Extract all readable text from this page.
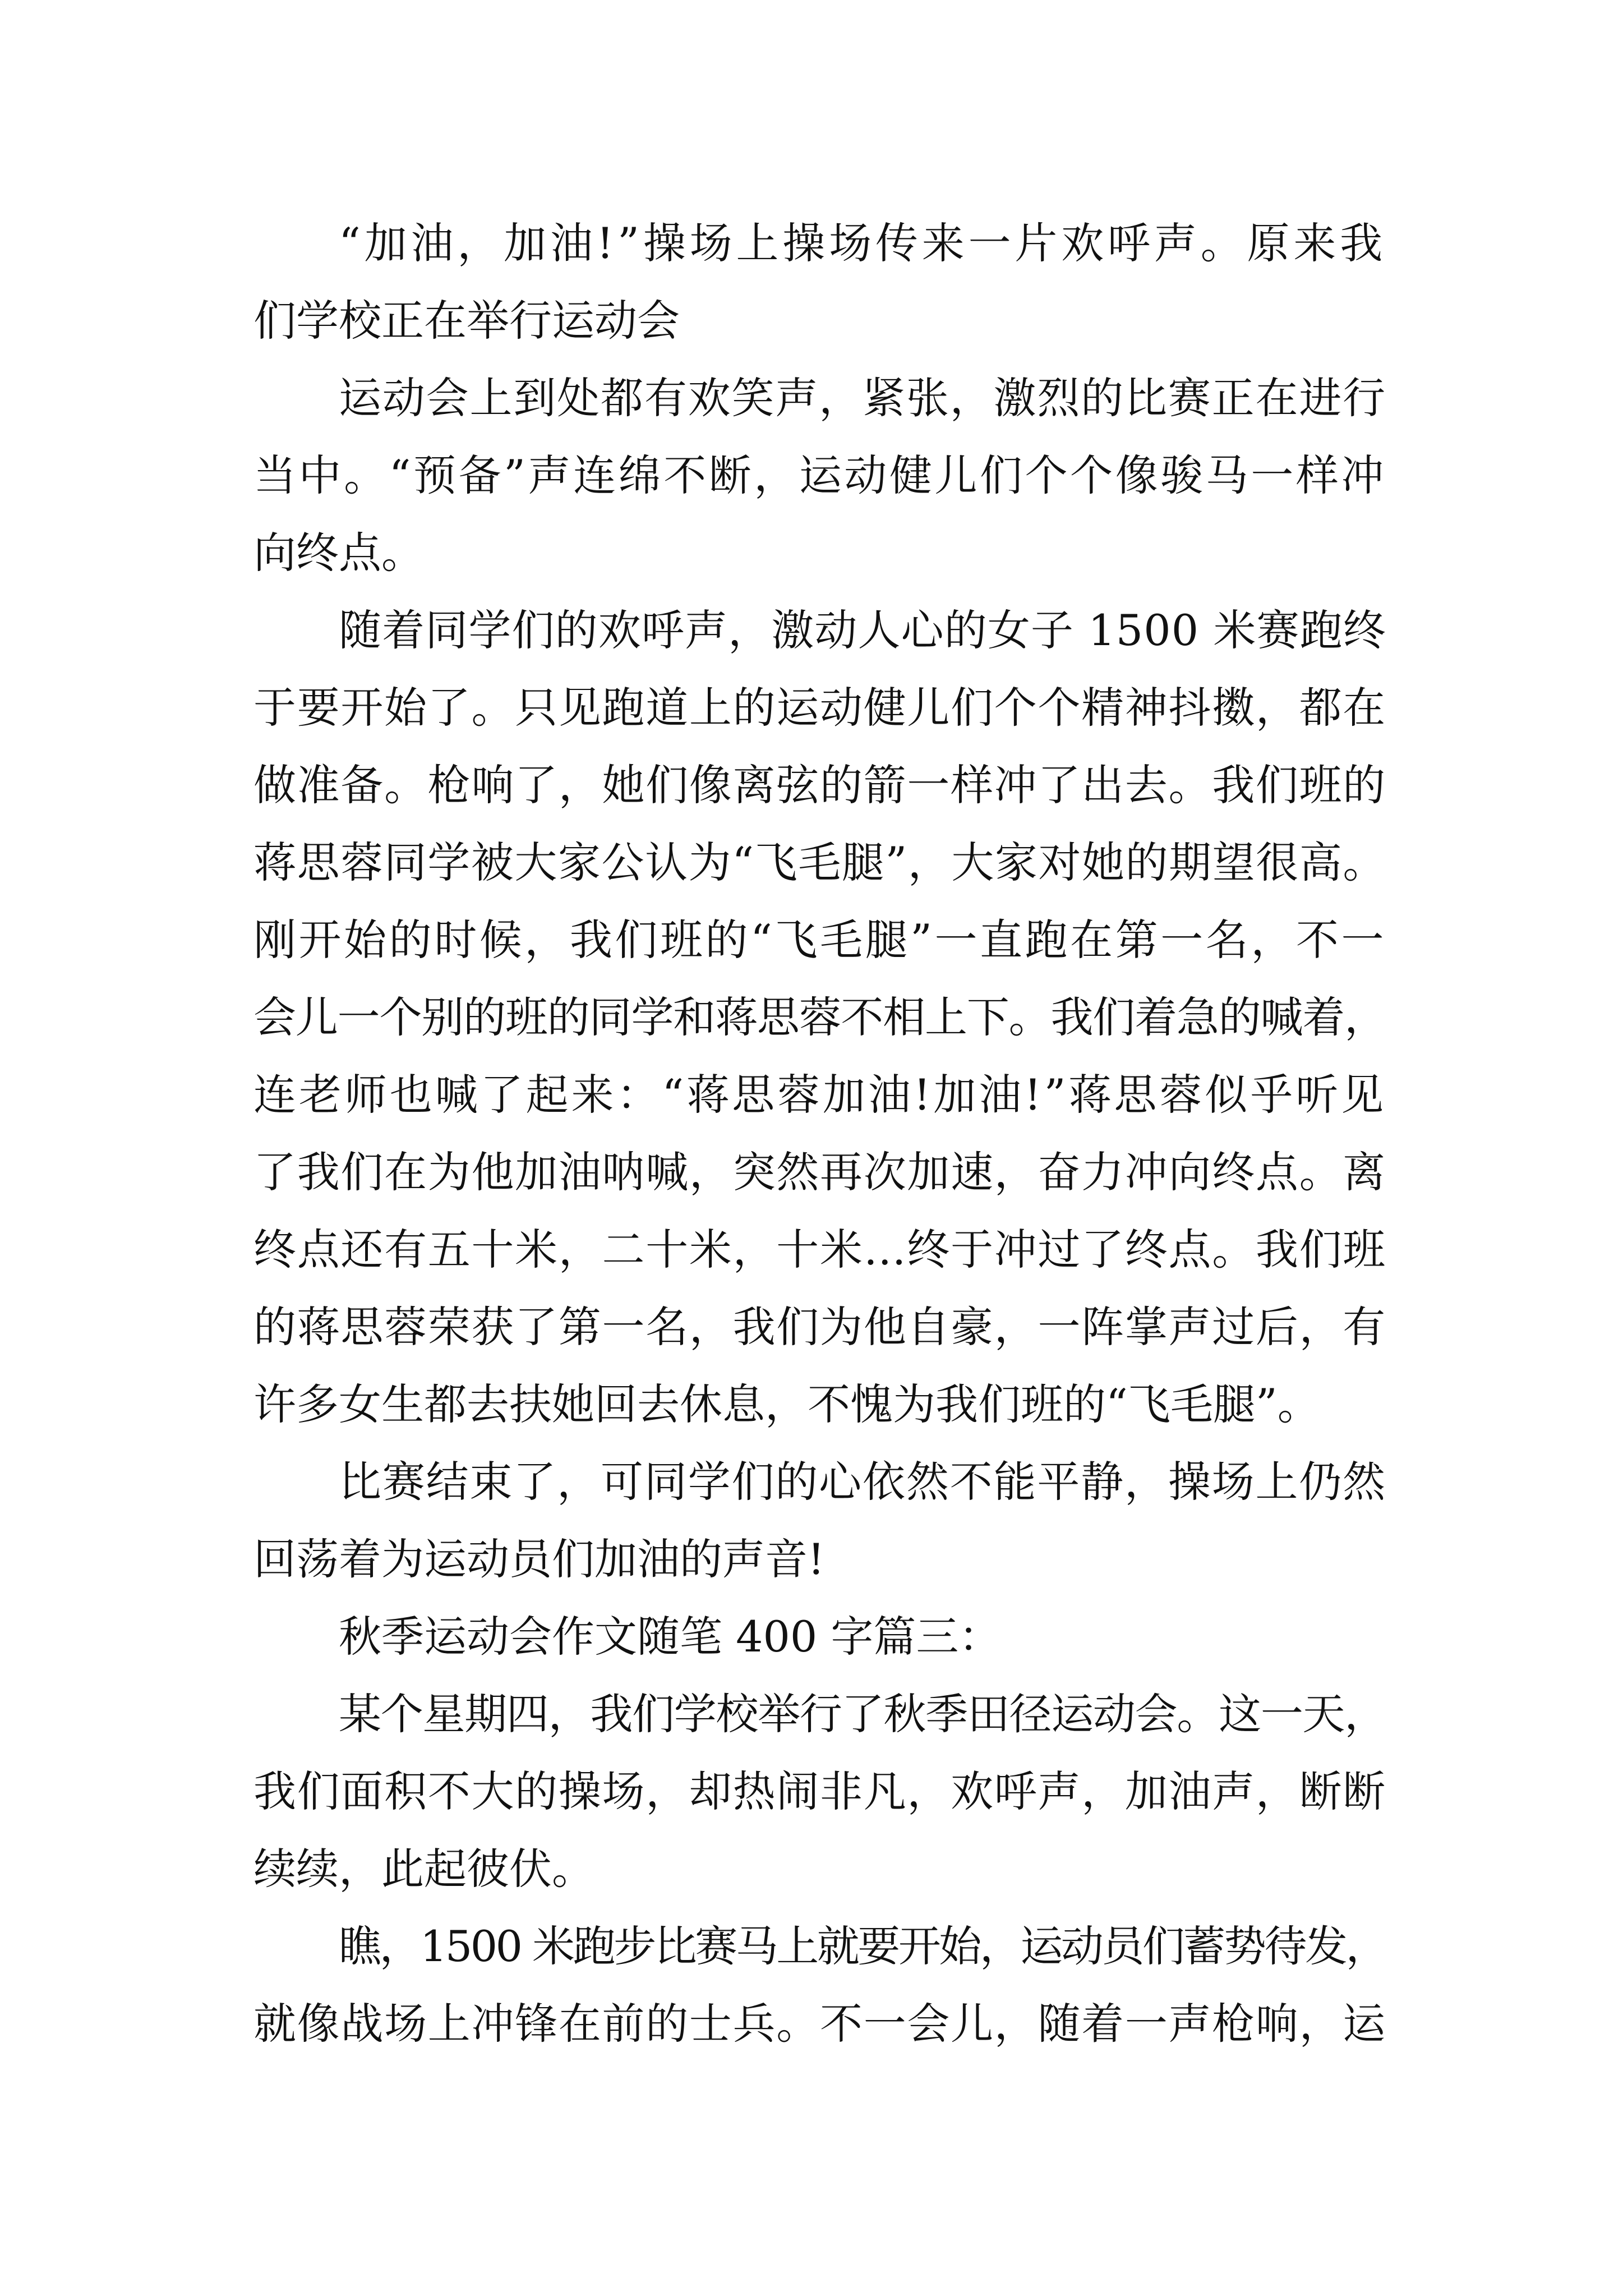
“加油，加油!”操场上操场传来一片欢呼声。原来我
们学校正在举行运动会
运动会上到处都有欢笑声，紧张，激烈的比赛正在进行
当中。“预备”声连绵不断，运动健儿们个个像骏马一样冲
向终点。
随着同学们的欢呼声，激动人心的女子 1500 米赛跑终
于要开始了。只见跑道上的运动健儿们个个精神抖擞，都在
做准备。枪响了，她们像离弦的箭一样冲了出去。我们班的
蒋思蓉同学被大家公认为“飞毛腿”，大家对她的期望很高。
刚开始的时候，我们班的“飞毛腿”一直跑在第一名，不一
会儿一个别的班的同学和蒋思蓉不相上下。我们着急的喊着，
连老师也喊了起来：“蒋思蓉加油!加油!”蒋思蓉似乎听见
了我们在为他加油呐喊，突然再次加速，奋力冲向终点。离
终点还有五十米，二十米，十米…终于冲过了终点。我们班
的蒋思蓉荣获了第一名，我们为他自豪，一阵掌声过后，有
许多女生都去扶她回去休息，不愧为我们班的“飞毛腿”。
比赛结束了，可同学们的心依然不能平静，操场上仍然
回荡着为运动员们加油的声音!
秋季运动会作文随笔 400 字篇三：
某个星期四，我们学校举行了秋季田径运动会。这一天，
我们面积不大的操场，却热闹非凡，欢呼声，加油声，断断
续续，此起彼伏。
瞧，1500 米跑步比赛马上就要开始，运动员们蓄势待发，
就像战场上冲锋在前的士兵。不一会儿，随着一声枪响，运
